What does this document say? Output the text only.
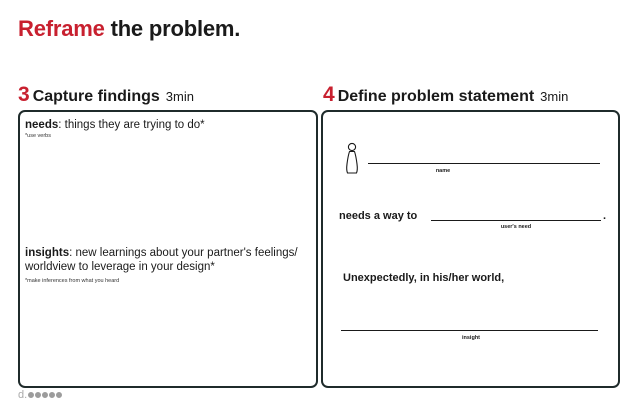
Reframe the problem.
3 Capture findings 3min	4 Define problem statement 3min
needs: things they are trying to do*
*use verbs
insights: new learnings about your partner's feelings/ worldview to leverage in your design*
*make inferences from what you heard
name
needs a way to	.
user's need
Unexpectedly, in his/her world,
insight
d.
